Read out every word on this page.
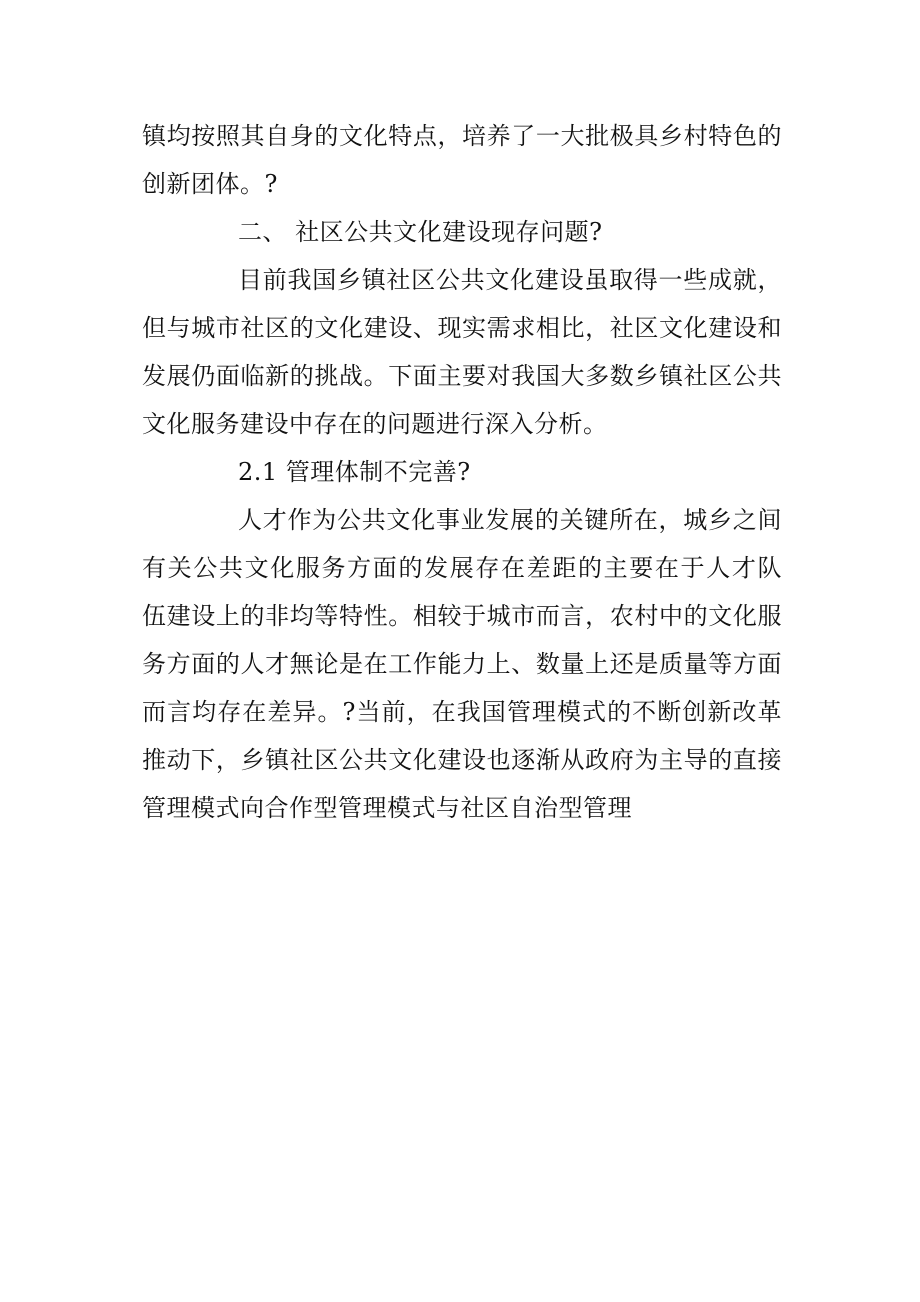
镇均按照其自身的文化特点，培养了一大批极具乡村特色的
创新团体。?
二、 社区公共文化建设现存问题?
目前我国乡镇社区公共文化建设虽取得一些成就，
但与城市社区的文化建设、现实需求相比，社区文化建设和
发展仍面临新的挑战。下面主要对我国大多数乡镇社区公共
文化服务建设中存在的问题进行深入分析。
2.1 管理体制不完善?
人才作为公共文化事业发展的关键所在，城乡之间
有关公共文化服务方面的发展存在差距的主要在于人才队
伍建设上的非均等特性。相较于城市而言，农村中的文化服
务方面的人才無论是在工作能力上、数量上还是质量等方面
而言均存在差异。?当前，在我国管理模式的不断创新改革
推动下，乡镇社区公共文化建设也逐渐从政府为主导的直接
管理模式向合作型管理模式与社区自治型管理
